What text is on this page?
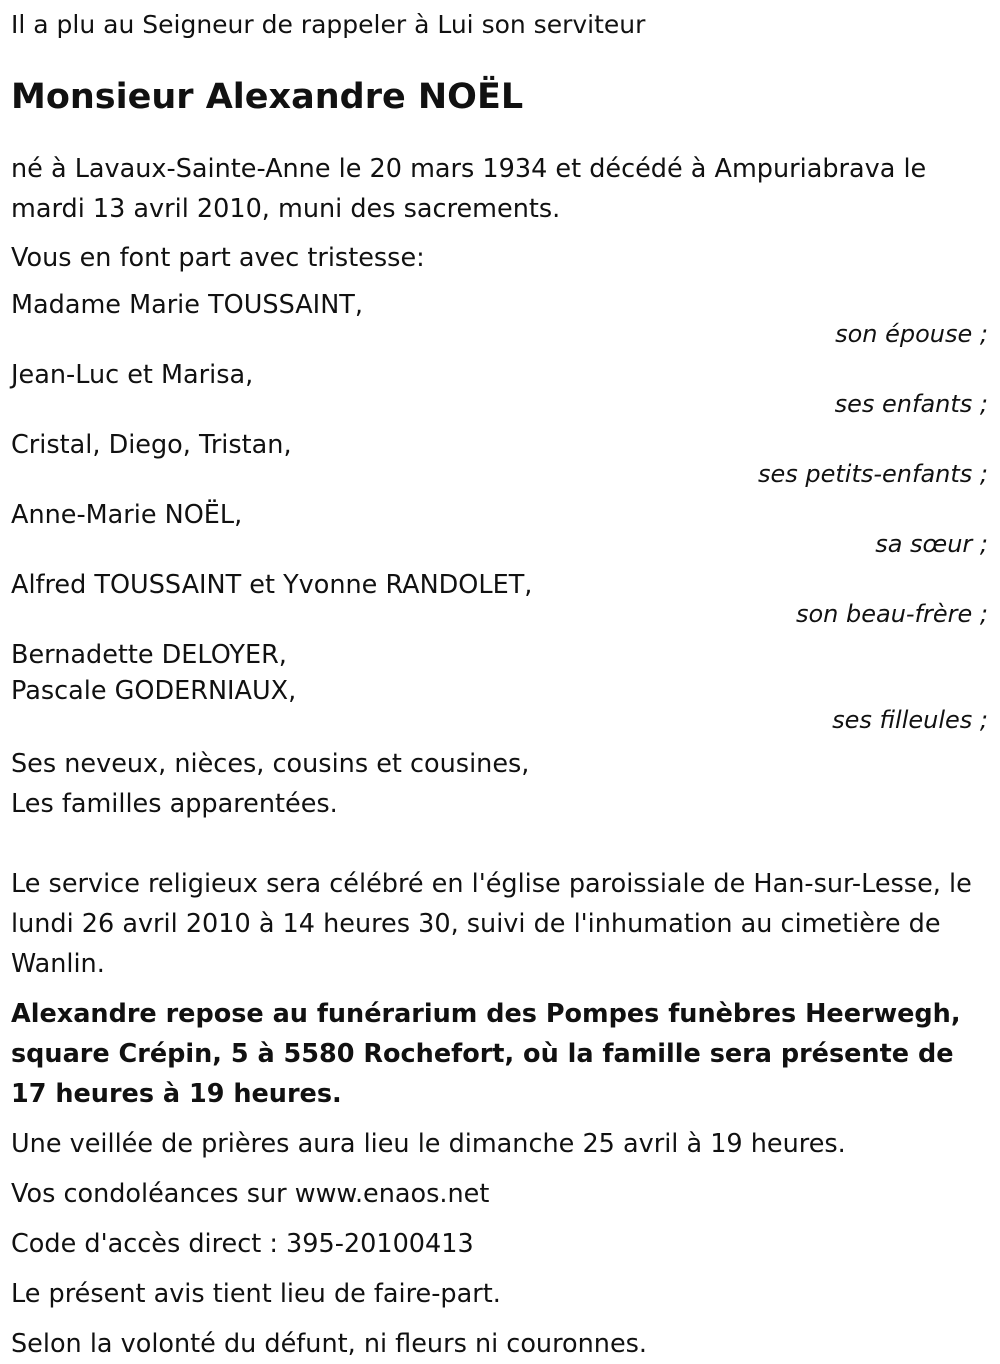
Il a plu au Seigneur de rappeler à Lui son serviteur

Monsieur Alexandre NOËL

né à Lavaux-Sainte-Anne le 20 mars 1934 et décédé à Ampuriabrava le mardi 13 avril 2010, muni des sacrements.

Vous en font part avec tristesse:

Madame Marie TOUSSAINT,
son épouse ;
Jean-Luc et Marisa,
ses enfants ;
Cristal, Diego, Tristan,
ses petits-enfants ;
Anne-Marie NOËL,
sa sœur ;
Alfred TOUSSAINT et Yvonne RANDOLET,
son beau-frère ;
Bernadette DELOYER,
Pascale GODERNIAUX,
ses filleules ;

Ses neveux, nièces, cousins et cousines,

Les familles apparentées.

Le service religieux sera célébré en l'église paroissiale de Han-sur-Lesse, le lundi 26 avril 2010 à 14 heures 30, suivi de l'inhumation au cimetière de Wanlin.

Alexandre repose au funérarium des Pompes funèbres Heerwegh, square Crépin, 5 à 5580 Rochefort, où la famille sera présente de 17 heures à 19 heures.

Une veillée de prières aura lieu le dimanche 25 avril à 19 heures.

Vos condoléances sur www.enaos.net

Code d'accès direct : 395-20100413

Le présent avis tient lieu de faire-part.

Selon la volonté du défunt, ni fleurs ni couronnes.
